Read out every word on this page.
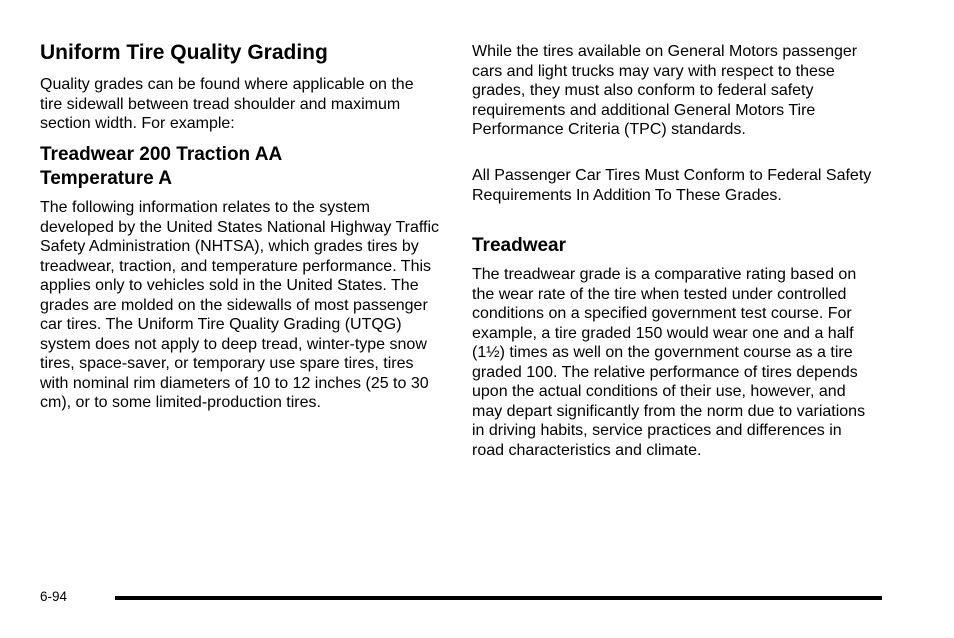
Uniform Tire Quality Grading

Quality grades can be found where applicable on the tire sidewall between tread shoulder and maximum section width. For example:

Treadwear 200 Traction AA Temperature A

The following information relates to the system developed by the United States National Highway Traffic Safety Administration (NHTSA), which grades tires by treadwear, traction, and temperature performance. This applies only to vehicles sold in the United States. The grades are molded on the sidewalls of most passenger car tires. The Uniform Tire Quality Grading (UTQG) system does not apply to deep tread, winter-type snow tires, space-saver, or temporary use spare tires, tires with nominal rim diameters of 10 to 12 inches (25 to 30 cm), or to some limited-production tires.

While the tires available on General Motors passenger cars and light trucks may vary with respect to these grades, they must also conform to federal safety requirements and additional General Motors Tire Performance Criteria (TPC) standards.

All Passenger Car Tires Must Conform to Federal Safety Requirements In Addition To These Grades.

Treadwear

The treadwear grade is a comparative rating based on the wear rate of the tire when tested under controlled conditions on a specified government test course. For example, a tire graded 150 would wear one and a half (1½) times as well on the government course as a tire graded 100. The relative performance of tires depends upon the actual conditions of their use, however, and may depart significantly from the norm due to variations in driving habits, service practices and differences in road characteristics and climate.

6-94
